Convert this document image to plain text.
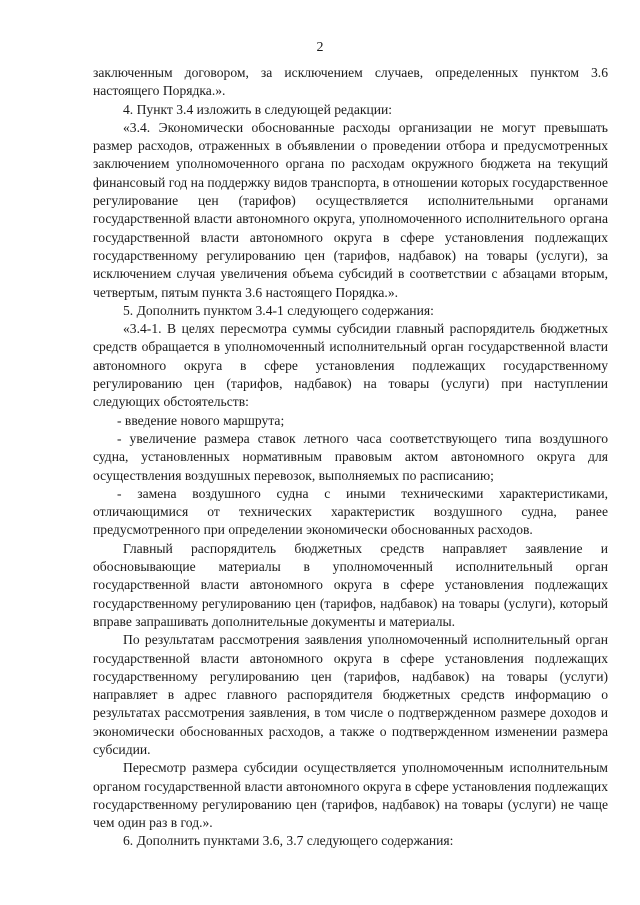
2

заключенным договором, за исключением случаев, определенных пунктом 3.6 настоящего Порядка.».

4. Пункт 3.4 изложить в следующей редакции:

«3.4. Экономически обоснованные расходы организации не могут превышать размер расходов, отраженных в объявлении о проведении отбора и предусмотренных заключением уполномоченного органа по расходам окружного бюджета на текущий финансовый год на поддержку видов транспорта, в отношении которых государственное регулирование цен (тарифов) осуществляется исполнительными органами государственной власти автономного округа, уполномоченного исполнительного органа государственной власти автономного округа в сфере установления подлежащих государственному регулированию цен (тарифов, надбавок) на товары (услуги), за исключением случая увеличения объема субсидий в соответствии с абзацами вторым, четвертым, пятым пункта 3.6 настоящего Порядка.».

5. Дополнить пунктом 3.4-1 следующего содержания:

«3.4-1. В целях пересмотра суммы субсидии главный распорядитель бюджетных средств обращается в уполномоченный исполнительный орган государственной власти автономного округа в сфере установления подлежащих государственному регулированию цен (тарифов, надбавок) на товары (услуги) при наступлении следующих обстоятельств:

- введение нового маршрута;

- увеличение размера ставок летного часа соответствующего типа воздушного судна, установленных нормативным правовым актом автономного округа для осуществления воздушных перевозок, выполняемых по расписанию;

- замена воздушного судна с иными техническими характеристиками, отличающимися от технических характеристик воздушного судна, ранее предусмотренного при определении экономически обоснованных расходов.

Главный распорядитель бюджетных средств направляет заявление и обосновывающие материалы в уполномоченный исполнительный орган государственной власти автономного округа в сфере установления подлежащих государственному регулированию цен (тарифов, надбавок) на товары (услуги), который вправе запрашивать дополнительные документы и материалы.

По результатам рассмотрения заявления уполномоченный исполнительный орган государственной власти автономного округа в сфере установления подлежащих государственному регулированию цен (тарифов, надбавок) на товары (услуги) направляет в адрес главного распорядителя бюджетных средств информацию о результатах рассмотрения заявления, в том числе о подтвержденном размере доходов и экономически обоснованных расходов, а также о подтвержденном изменении размера субсидии.

Пересмотр размера субсидии осуществляется уполномоченным исполнительным органом государственной власти автономного округа в сфере установления подлежащих государственному регулированию цен (тарифов, надбавок) на товары (услуги) не чаще чем один раз в год.».

6. Дополнить пунктами 3.6, 3.7 следующего содержания:
